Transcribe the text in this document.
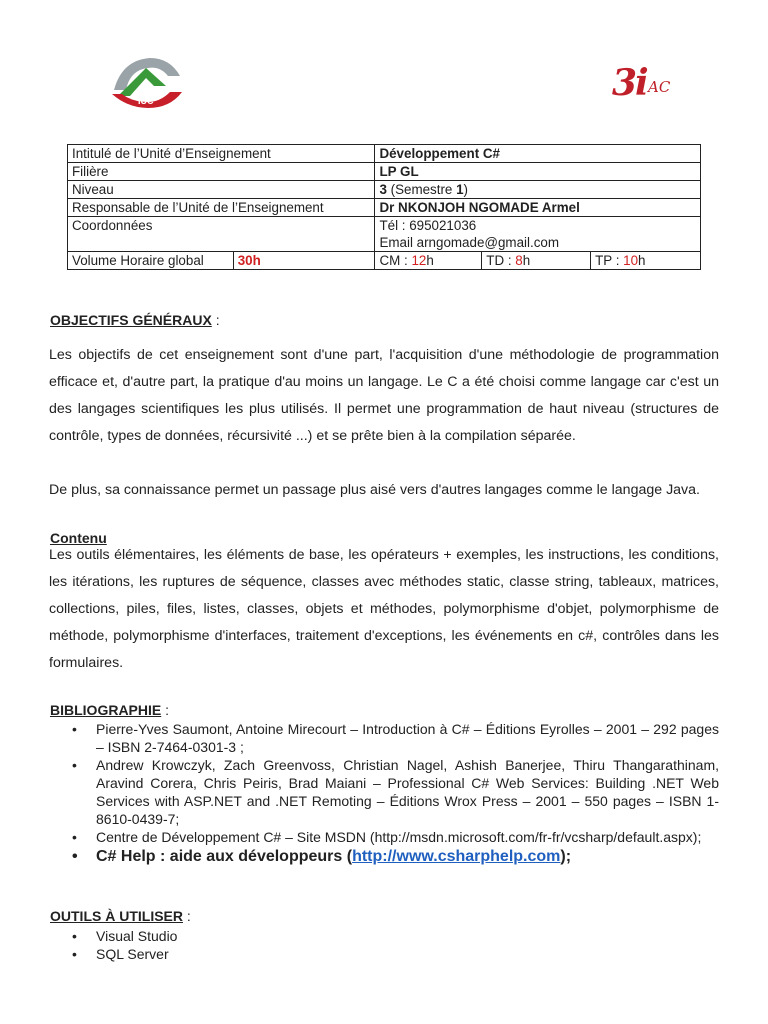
IUC	3i AC
Intitulé de l’Unité d’Enseignement		Développement C#		
Filière		LP GL		
Niveau		3 (Semestre 1)		
Responsable de l’Unité de l’Enseignement		Dr NKONJOH NGOMADE Armel		
Coordonnées		Tél : 695021036
Email arngomade@gmail.com		

Volume Horaire global	30h	CM : 12h	TD : 8h	TP : 10h
OBJECTIFS GÉNÉRAUX :

Les objectifs de cet enseignement sont d'une part, l'acquisition d'une méthodologie de programmation efficace et, d'autre part, la pratique d'au moins un langage. Le C a été choisi comme langage car c'est un des langages scientifiques les plus utilisés. Il permet une programmation de haut niveau (structures de contrôle, types de données, récursivité ...) et se prête bien à la compilation séparée.

De plus, sa connaissance permet un passage plus aisé vers d'autres langages comme le langage Java.

Contenu

Les outils élémentaires, les éléments de base, les opérateurs + exemples, les instructions, les conditions, les itérations, les ruptures de séquence, classes avec méthodes static, classe string, tableaux, matrices, collections, piles, files, listes, classes, objets et méthodes, polymorphisme d'objet, polymorphisme de méthode, polymorphisme d'interfaces, traitement d'exceptions, les événements en c#, contrôles dans les formulaires.

BIBLIOGRAPHIE :
• Pierre-Yves Saumont, Antoine Mirecourt – Introduction à C# – Éditions Eyrolles – 2001 – 292 pages – ISBN 2-7464-0301-3 ;
• Andrew Krowczyk, Zach Greenvoss, Christian Nagel, Ashish Banerjee, Thiru Thangarathinam, Aravind Corera, Chris Peiris, Brad Maiani – Professional C# Web Services: Building .NET Web Services with ASP.NET and .NET Remoting – Éditions Wrox Press – 2001 – 550 pages – ISBN 1-8610-0439-7;
• Centre de Développement C# – Site MSDN (http://msdn.microsoft.com/fr-fr/vcsharp/default.aspx);
• C# Help : aide aux développeurs (http://www.csharphelp.com);
OUTILS À UTILISER :
• Visual Studio
• SQL Server
